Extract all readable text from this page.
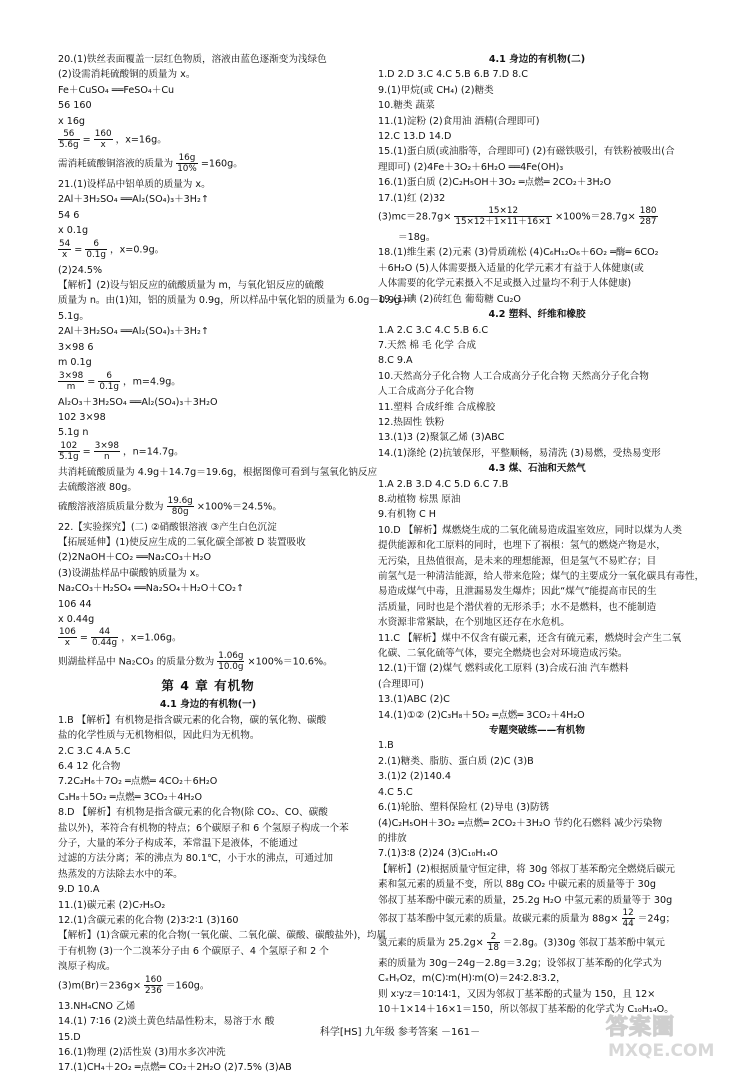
20.(1)铁丝表面覆盖一层红色物质，溶液由蓝色逐渐变为浅绿色
(2)设需消耗硫酸铜的质量为 x。
Fe＋CuSO₄ ══FeSO₄＋Cu
56 160
x 16g
$\frac{56}{5.6g} = \frac{160}{x}$ ，x=16g。
需消耗硫酸铜溶液的质量为 $\frac{16g}{10\%} =160g$。
21.(1)设样品中铝单质的质量为 x。
2Al＋3H₂SO₄ ══Al₂(SO₄)₃＋3H₂↑
54 6
x 0.1g
$\frac{54}{x} = \frac{6}{0.1g}$ ，x=0.9g。
(2)24.5%
【解析】(2)设与铝反应的硫酸质量为 m，与氧化铝反应的硫酸
质量为 n。由(1)知，铝的质量为 0.9g，所以样品中氧化铝的质量为 6.0g－0.9g＝
5.1g。
2Al＋3H₂SO₄ ══Al₂(SO₄)₃＋3H₂↑
3×98 6
m 0.1g
$\frac{3\times 98}{m} = \frac{6}{0.1g}$ ，m=4.9g。
Al₂O₃＋3H₂SO₄ ══Al₂(SO₄)₃＋3H₂O
102 3×98
5.1g n
$\frac{102}{5.1g} = \frac{3\times 98}{n}$ ，n=14.7g。
共消耗硫酸质量为 4.9g＋14.7g＝19.6g，根据图像可看到与氢氧化钠反应
去硫酸溶液 80g。
硫酸溶液溶质质量分数为 $\frac{19.6g}{80g} \times 100\%=24.5\%$。
22.【实验探究】(二) ②硝酸银溶液 ③产生白色沉淀
【拓展延伸】(1)使反应生成的二氧化碳全部被 D 装置吸收
(2)2NaOH＋CO₂ ══Na₂CO₃＋H₂O
(3)设湖盐样品中碳酸钠质量为 x。
Na₂CO₃＋H₂SO₄ ══Na₂SO₄＋H₂O＋CO₂↑
106 44
x 0.44g
$\frac{106}{x} = \frac{44}{0.44g}$ ，x=1.06g。
则湖盐样品中 Na₂CO₃ 的质量分数为 $\frac{1.06g}{10.0g} \times 100\%=10.6\%$。
第 4 章 有机物
4.1 身边的有机物(一)
1.B 【解析】有机物是指含碳元素的化合物，碳的氧化物、碳酸
盐的化学性质与无机物相似，因此归为无机物。
2.C 3.C 4.A 5.C
6.4 12 化合物
7.2C₂H₆＋7O₂ ═点燃═ 4CO₂＋6H₂O
C₃H₈＋5O₂ ═点燃═ 3CO₂＋4H₂O
8.D 【解析】有机物是指含碳元素的化合物(除 CO₂、CO、碳酸
盐以外)，苯符合有机物的特点；6个碳原子和 6 个氢原子构成一个苯
分子，大量的苯分子构成苯，苯常温下是液体，不能通过
过滤的方法分离；苯的沸点为 80.1℃，小于水的沸点，可通过加
热蒸发的方法除去水中的苯。
9.D 10.A
11.(1)碳元素 (2)C₇H₅O₂
12.(1)含碳元素的化合物 (2)3∶2∶1 (3)160
【解析】(1)含碳元素的化合物(一氧化碳、二氧化碳、碳酸、碳酸盐外)，均属
于有机物 (3)一个二溴苯分子由 6 个碳原子、4 个氢原子和 2 个
溴原子构成。
$(3)m(Br)=236g\times \frac{160}{236} =160g$。
13.NH₄CNO 乙烯
14.(1) 7∶16 (2)淡土黄色结晶性粉末，易溶于水 酸
15.D
16.(1)物理 (2)活性炭 (3)用水多次冲洗
17.(1)CH₄＋2O₂ ═点燃═ CO₂＋2H₂O (2)7.5% (3)AB
4.1 身边的有机物(二)
1.D 2.D 3.C 4.C 5.B 6.B 7.D 8.C
9.(1)甲烷(或 CH₄) (2)糖类
10.糖类 蔬菜
11.(1)淀粉 (2)食用油 酒精(合理即可)
12.C 13.D 14.D
15.(1)蛋白质(或油脂等，合理即可) (2)有磁铁吸引，有铁粉被吸出(合
理即可) (2)4Fe＋3O₂＋6H₂O ══4Fe(OH)₃
16.(1)蛋白质 (2)C₂H₅OH＋3O₂ ═点燃═ 2CO₂＋3H₂O
17.(1)红 (2)32
$(3)mc=28.7g\times \frac{15\times 12}{15\times 12+1\times 11+16\times 1} \times 100\%=28.7g\times \frac{180}{287}$
＝18g。
18.(1)维生素 (2)元素 (3)骨质疏松 (4)C₆H₁₂O₆＋6O₂ ═酶═ 6CO₂
＋6H₂O (5)人体需要摄入适量的化学元素才有益于人体健康(或
人体需要的化学元素摄入不足或摄入过量均不利于人体健康)
19.(1)碘 (2)砖红色 葡萄糖 Cu₂O
4.2 塑料、纤维和橡胶
1.A 2.C 3.C 4.C 5.B 6.C
7.天然 棉 毛 化学 合成
8.C 9.A
10.天然高分子化合物 人工合成高分子化合物 天然高分子化合物
人工合成高分子化合物
11.塑料 合成纤维 合成橡胶
12.热固性 铁粉
13.(1)3 (2)聚氯乙烯 (3)ABC
14.(1)涤纶 (2)抗皱保形，平整顺畅，易清洗 (3)易燃，受热易变形
4.3 煤、石油和天然气
1.A 2.B 3.D 4.C 5.D 6.C 7.B
8.动植物 棕黑 原油
9.有机物 C H
10.D 【解析】煤燃烧生成的二氧化硫易造成温室效应，同时以煤为人类
提供能源和化工原料的同时，也埋下了祸根：氢气的燃烧产物是水，
无污染，且热值很高，是未来的理想能源，但是氢气不易贮存；目
前氢气是一种清洁能源，给人带来危险；煤气的主要成分一氧化碳具有毒性，
易造成煤气中毒，且泄漏易发生爆炸；因此“煤气”能提高市民的生
活质量，同时也是个潜伏着的无形杀手；水不是燃料，也不能制造
水资源非常紧缺，在个别地区还存在水危机。
11.C 【解析】煤中不仅含有碳元素，还含有硫元素，燃烧时会产生二氧
化碳、二氧化硫等气体，要完全燃烧也会对环境造成污染。
12.(1)干馏 (2)煤气 燃料或化工原料 (3)合成石油 汽车燃料
(合理即可)
13.(1)ABC (2)C
14.(1)①② (2)C₃H₈＋5O₂ ═点燃═ 3CO₂＋4H₂O
专题突破练——有机物
1.B
2.(1)糖类、脂肪、蛋白质 (2)C (3)B
3.(1)2 (2)140.4
4.C 5.C
6.(1)轮胎、塑料保险杠 (2)导电 (3)防锈
(4)C₂H₅OH＋3O₂ ═点燃═ 2CO₂＋3H₂O 节约化石燃料 减少污染物
的排放
7.(1)3∶8 (2)24 (3)C₁₀H₁₄O
【解析】(2)根据质量守恒定律，将 30g 邻叔丁基苯酚完全燃烧后碳元
素和氢元素的质量不变，所以 88g CO₂ 中碳元素的质量等于 30g
邻叔丁基苯酚中碳元素的质量，25.2g H₂O 中氢元素的质量等于 30g
邻叔丁基苯酚中氢元素的质量。故碳元素的质量为 $88g\times \frac{12}{44} =24g$；
氢元素的质量为 $25.2g\times \frac{2}{18} =2.8g$。(3)30g 邻叔丁基苯酚中氧元
素的质量为 30g－24g－2.8g＝3.2g；设邻叔丁基苯酚的化学式为
CₓHᵧOz，m(C)∶m(H)∶m(O)＝24∶2.8∶3.2，
则 x∶y∶z＝10∶14∶1，又因为邻叔丁基苯酚的式量为 150，且 12×
10＋1×14＋16×1＝150，所以邻叔丁基苯酚的化学式为 C₁₀H₁₄O。
科学[HS] 九年级 参考答案 －161－	答案圈
MXQE.COM
